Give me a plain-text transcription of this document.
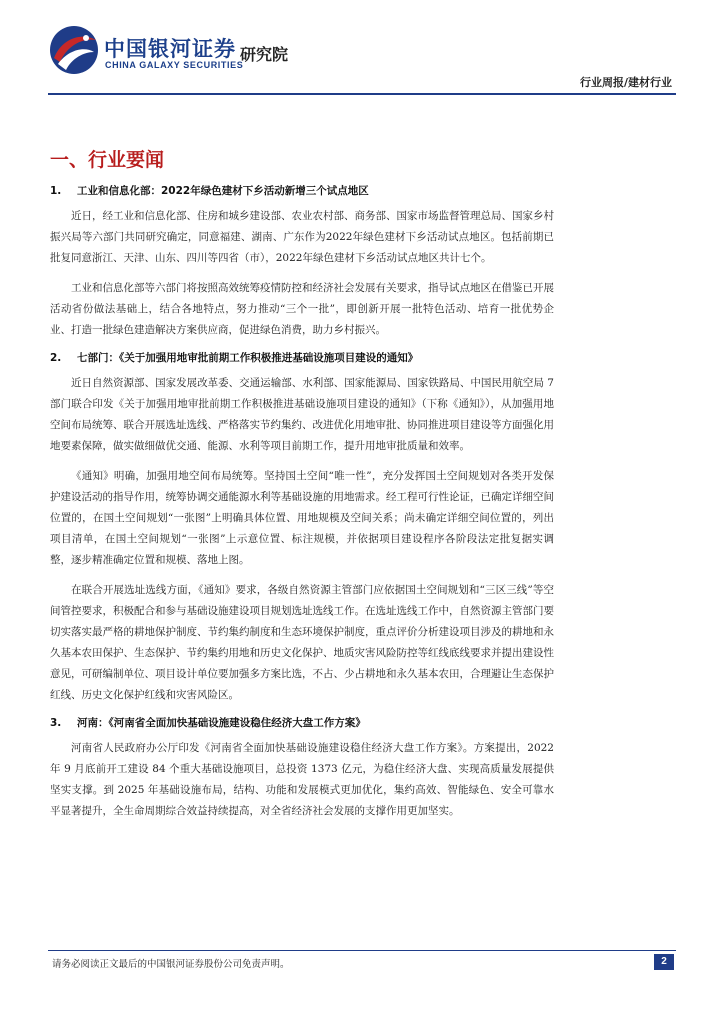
中国银河证券
CHINA GALAXY SECURITIES
研究院
行业周报/建材行业
一、行业要闻
1. 工业和信息化部：2022年绿色建材下乡活动新增三个试点地区

近日，经工业和信息化部、住房和城乡建设部、农业农村部、商务部、国家市场监督管理总局、国家乡村振兴局等六部门共同研究确定，同意福建、湖南、广东作为2022年绿色建材下乡活动试点地区。包括前期已批复同意浙江、天津、山东、四川等四省（市），2022年绿色建材下乡活动试点地区共计七个。

工业和信息化部等六部门将按照高效统筹疫情防控和经济社会发展有关要求，指导试点地区在借鉴已开展活动省份做法基础上，结合各地特点，努力推动“三个一批”，即创新开展一批特色活动、培育一批优势企业、打造一批绿色建造解决方案供应商，促进绿色消费，助力乡村振兴。

2. 七部门：《关于加强用地审批前期工作积极推进基础设施项目建设的通知》

近日自然资源部、国家发展改革委、交通运输部、水利部、国家能源局、国家铁路局、中国民用航空局 7 部门联合印发《关于加强用地审批前期工作积极推进基础设施项目建设的通知》（下称《通知》），从加强用地空间布局统筹、联合开展选址选线、严格落实节约集约、改进优化用地审批、协同推进项目建设等方面强化用地要素保障，做实做细做优交通、能源、水利等项目前期工作，提升用地审批质量和效率。

《通知》明确，加强用地空间布局统筹。坚持国土空间“唯一性”，充分发挥国土空间规划对各类开发保护建设活动的指导作用，统筹协调交通能源水利等基础设施的用地需求。经工程可行性论证，已确定详细空间位置的，在国土空间规划“一张图”上明确具体位置、用地规模及空间关系；尚未确定详细空间位置的，列出项目清单，在国土空间规划“一张图”上示意位置、标注规模，并依据项目建设程序各阶段法定批复据实调整，逐步精准确定位置和规模、落地上图。

在联合开展选址选线方面，《通知》要求，各级自然资源主管部门应依据国土空间规划和“三区三线”等空间管控要求，积极配合和参与基础设施建设项目规划选址选线工作。在选址选线工作中，自然资源主管部门要切实落实最严格的耕地保护制度、节约集约制度和生态环境保护制度，重点评价分析建设项目涉及的耕地和永久基本农田保护、生态保护、节约集约用地和历史文化保护、地质灾害风险防控等红线底线要求并提出建设性意见，可研编制单位、项目设计单位要加强多方案比选，不占、少占耕地和永久基本农田，合理避让生态保护红线、历史文化保护红线和灾害风险区。

3. 河南：《河南省全面加快基础设施建设稳住经济大盘工作方案》

河南省人民政府办公厅印发《河南省全面加快基础设施建设稳住经济大盘工作方案》。方案提出，2022 年 9 月底前开工建设 84 个重大基础设施项目，总投资 1373 亿元，为稳住经济大盘、实现高质量发展提供坚实支撑。到 2025 年基础设施布局，结构、功能和发展模式更加优化，集约高效、智能绿色、安全可靠水平显著提升，全生命周期综合效益持续提高，对全省经济社会发展的支撑作用更加坚实。

请务必阅读正文最后的中国银河证券股份公司免责声明。	2
